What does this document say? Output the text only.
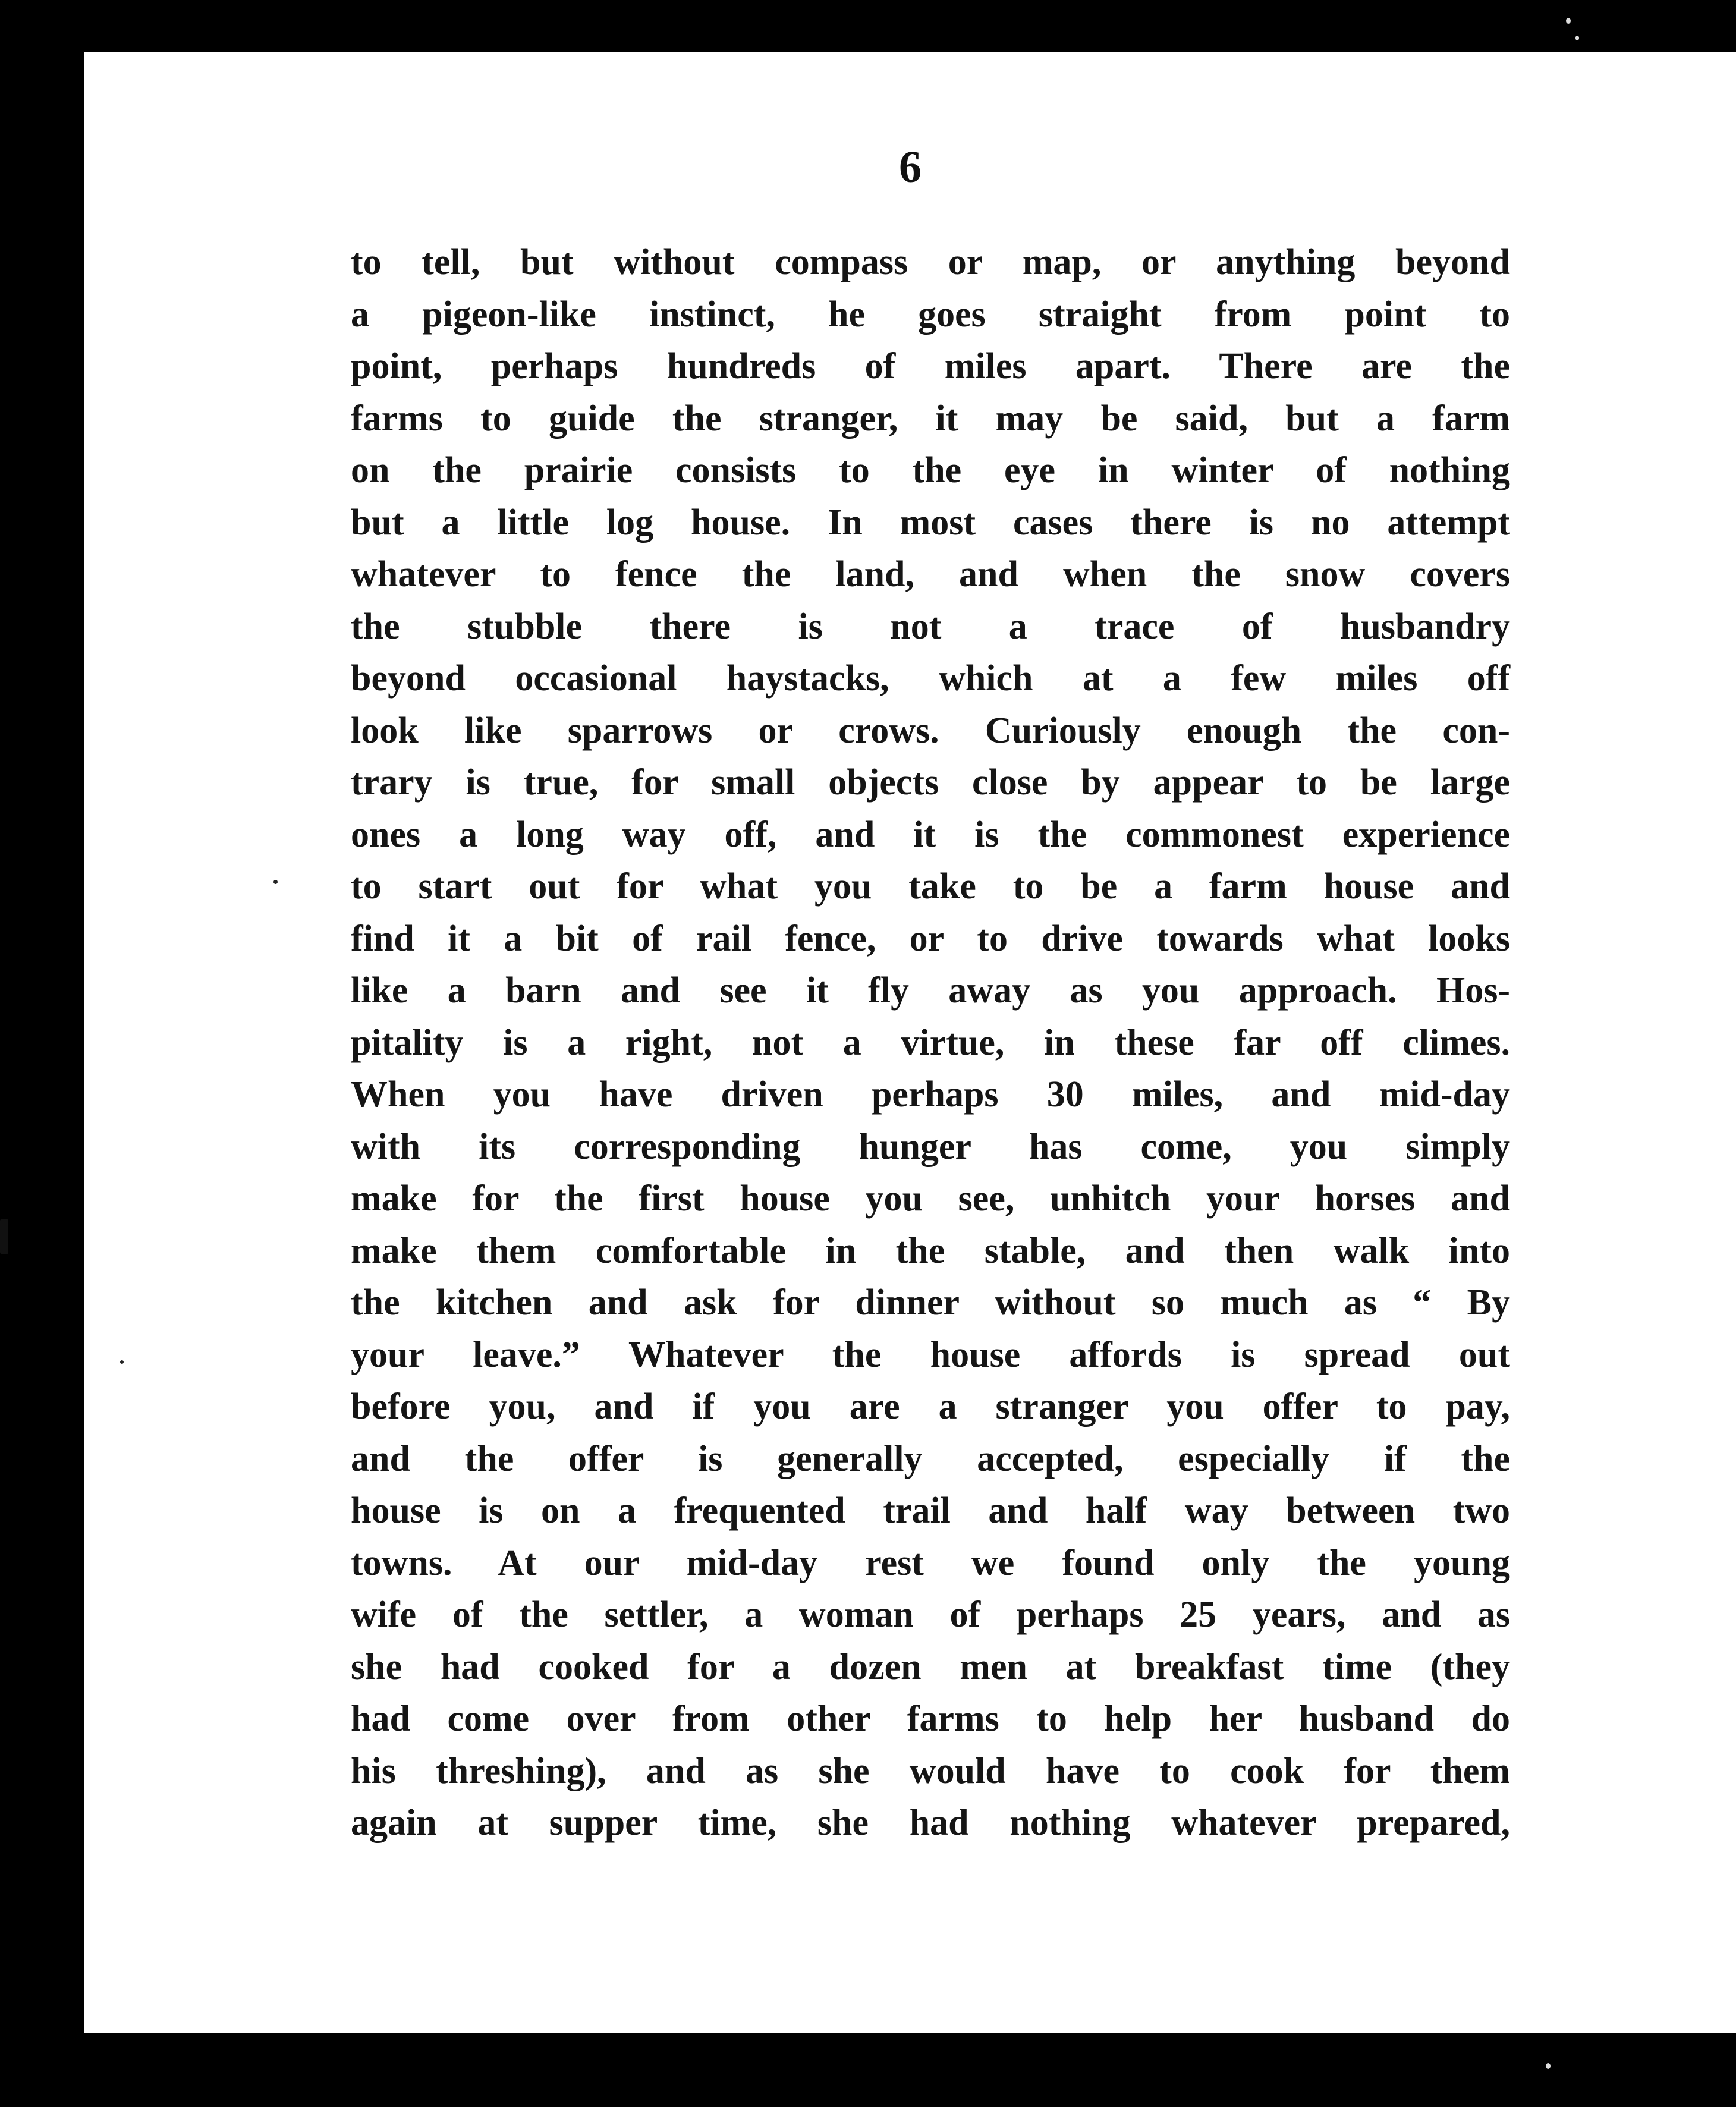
6
to tell, but without compass or map, or anything beyond
a pigeon-like instinct, he goes straight from point to
point, perhaps hundreds of miles apart. There are the
farms to guide the stranger, it may be said, but a farm
on the prairie consists to the eye in winter of nothing
but a little log house. In most cases there is no attempt
whatever to fence the land, and when the snow covers
the stubble there is not a trace of husbandry
beyond occasional haystacks, which at a few miles off
look like sparrows or crows. Curiously enough the con-
trary is true, for small objects close by appear to be large
ones a long way off, and it is the commonest experience
to start out for what you take to be a farm house and
find it a bit of rail fence, or to drive towards what looks
like a barn and see it fly away as you approach. Hos-
pitality is a right, not a virtue, in these far off climes.
When you have driven perhaps 30 miles, and mid-day
with its corresponding hunger has come, you simply
make for the first house you see, unhitch your horses and
make them comfortable in the stable, and then walk into
the kitchen and ask for dinner without so much as “ By
your leave.” Whatever the house affords is spread out
before you, and if you are a stranger you offer to pay,
and the offer is generally accepted, especially if the
house is on a frequented trail and half way between two
towns. At our mid-day rest we found only the young
wife of the settler, a woman of perhaps 25 years, and as
she had cooked for a dozen men at breakfast time (they
had come over from other farms to help her husband do
his threshing), and as she would have to cook for them
again at supper time, she had nothing whatever prepared,
